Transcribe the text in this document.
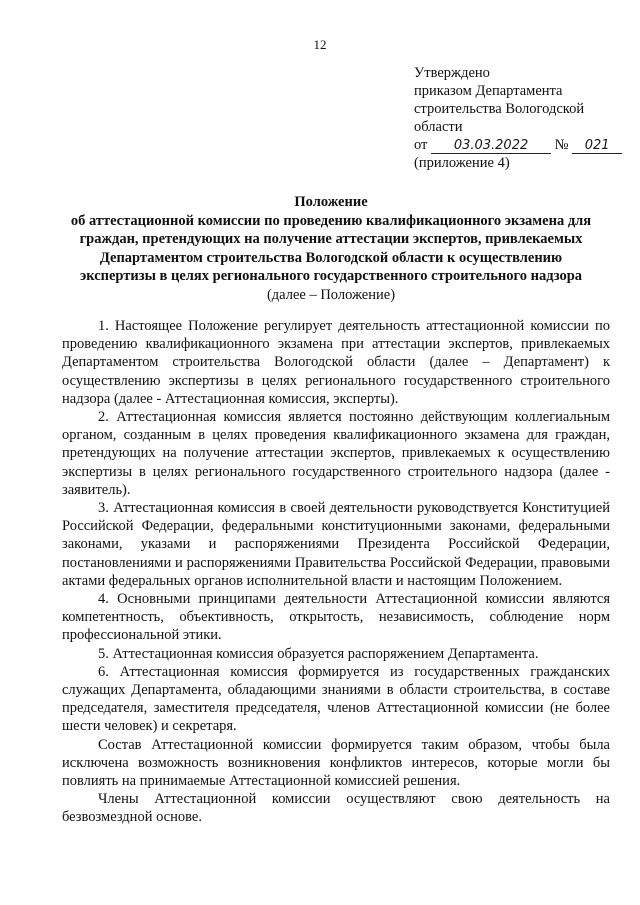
12
Утверждено
приказом Департамента
строительства Вологодской
области
от 03.03.2022 № 021
(приложение 4)
Положение
об аттестационной комиссии по проведению квалификационного экзамена для
граждан, претендующих на получение аттестации экспертов, привлекаемых
Департаментом строительства Вологодской области к осуществлению
экспертизы в целях регионального государственного строительного надзора
(далее – Положение)

1. Настоящее Положение регулирует деятельность аттестационной комиссии по проведению квалификационного экзамена при аттестации экспертов, привлекаемых Департаментом строительства Вологодской области (далее – Департамент) к осуществлению экспертизы в целях регионального государственного строительного надзора (далее - Аттестационная комиссия, эксперты).

2. Аттестационная комиссия является постоянно действующим коллегиальным органом, созданным в целях проведения квалификационного экзамена для граждан, претендующих на получение аттестации экспертов, привлекаемых к осуществлению экспертизы в целях регионального государственного строительного надзора (далее - заявитель).

3. Аттестационная комиссия в своей деятельности руководствуется Конституцией Российской Федерации, федеральными конституционными законами, федеральными законами, указами и распоряжениями Президента Российской Федерации, постановлениями и распоряжениями Правительства Российской Федерации, правовыми актами федеральных органов исполнительной власти и настоящим Положением.

4. Основными принципами деятельности Аттестационной комиссии являются компетентность, объективность, открытость, независимость, соблюдение норм профессиональной этики.

5. Аттестационная комиссия образуется распоряжением Департамента.

6. Аттестационная комиссия формируется из государственных гражданских служащих Департамента, обладающими знаниями в области строительства, в составе председателя, заместителя председателя, членов Аттестационной комиссии (не более шести человек) и секретаря.

Состав Аттестационной комиссии формируется таким образом, чтобы была исключена возможность возникновения конфликтов интересов, которые могли бы повлиять на принимаемые Аттестационной комиссией решения.

Члены Аттестационной комиссии осуществляют свою деятельность на безвозмездной основе.
